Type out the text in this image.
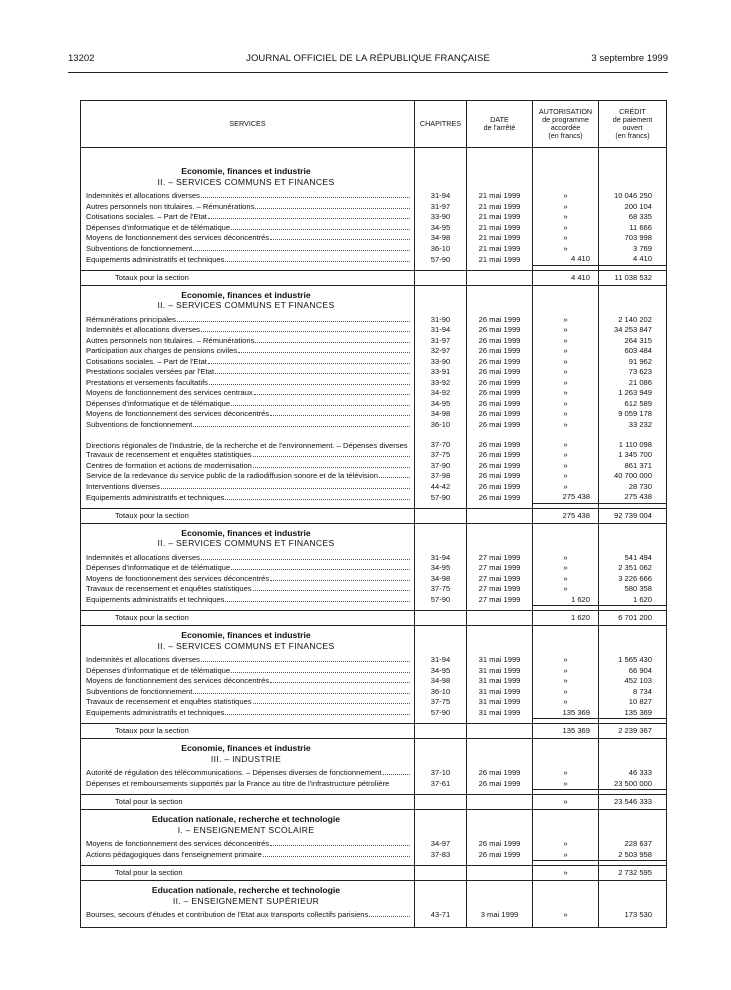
13202	JOURNAL OFFICIEL DE LA RÉPUBLIQUE FRANÇAISE	3 septembre 1999
SERVICES	CHAPITRES	DATE
de l'arrêté	AUTORISATION
de programme
accordée
(en francs)	CRÉDIT
de paiement
ouvert
(en francs)

Economie, finances et industrie				
II. – SERVICES COMMUNS ET FINANCES				

Indemnités et allocations diverses	31-94	21 mai 1999	»	10 046 250

Autres personnels non titulaires. – Rémunérations	31-97	21 mai 1999	»	200 104

Cotisations sociales. – Part de l'Etat	33-90	21 mai 1999	»	68 335

Dépenses d'informatique et de télématique	34-95	21 mai 1999	»	11 666

Moyens de fonctionnement des services déconcentrés	34-98	21 mai 1999	»	703 998

Subventions de fonctionnement	36-10	21 mai 1999	»	3 769

Equipements administratifs et techniques	57-90	21 mai 1999	4 410	4 410

Totaux pour la section			4 410	11 038 532

Economie, finances et industrie				
II. – SERVICES COMMUNS ET FINANCES				

Rémunérations principales	31-90	26 mai 1999	»	2 140 202

Indemnités et allocations diverses	31-94	26 mai 1999	»	34 253 847

Autres personnels non titulaires. – Rémunérations	31-97	26 mai 1999	»	264 315

Participation aux charges de pensions civiles	32-97	26 mai 1999	»	603 484

Cotisations sociales. – Part de l'Etat	33-90	26 mai 1999	»	91 962

Prestations sociales versées par l'Etat	33-91	26 mai 1999	»	73 623

Prestations et versements facultatifs	33-92	26 mai 1999	»	21 086

Moyens de fonctionnement des services centraux	34-92	26 mai 1999	»	1 263 949

Dépenses d'informatique et de télématique	34-95	26 mai 1999	»	612 589

Moyens de fonctionnement des services déconcentrés	34-98	26 mai 1999	»	9 059 178

Subventions de fonctionnement	36-10	26 mai 1999	»	33 232
Directions régionales de l'industrie, de la recherche et de l'environnement. – Dépenses diverses	37-70	26 mai 1999	»	1 110 098

Travaux de recensement et enquêtes statistiques	37-75	26 mai 1999	»	1 345 700

Centres de formation et actions de modernisation	37-90	26 mai 1999	»	861 371

Service de la redevance du service public de la radiodiffusion sonore et de la télévision	37-98	26 mai 1999	»	40 700 000

Interventions diverses	44-42	26 mai 1999	»	28 730

Equipements administratifs et techniques	57-90	26 mai 1999	275 438	275 438

Totaux pour la section			275 438	92 739 004

Economie, finances et industrie				
II. – SERVICES COMMUNS ET FINANCES				

Indemnités et allocations diverses	31-94	27 mai 1999	»	541 494

Dépenses d'informatique et de télématique	34-95	27 mai 1999	»	2 351 062

Moyens de fonctionnement des services déconcentrés	34-98	27 mai 1999	»	3 226 666

Travaux de recensement et enquêtes statistiques	37-75	27 mai 1999	»	580 358

Equipements administratifs et techniques	57-90	27 mai 1999	1 620	1 620

Totaux pour la section			1 620	6 701 200

Economie, finances et industrie				
II. – SERVICES COMMUNS ET FINANCES				

Indemnités et allocations diverses	31-94	31 mai 1999	»	1 565 430

Dépenses d'informatique et de télématique	34-95	31 mai 1999	»	66 904

Moyens de fonctionnement des services déconcentrés	34-98	31 mai 1999	»	452 103

Subventions de fonctionnement	36-10	31 mai 1999	»	8 734

Travaux de recensement et enquêtes statistiques	37-75	31 mai 1999	»	10 827

Equipements administratifs et techniques	57-90	31 mai 1999	135 369	135 369

Totaux pour la section			135 369	2 239 367

Economie, finances et industrie				
III. – INDUSTRIE				

Autorité de régulation des télécommunications. – Dépenses diverses de fonctionnement	37-10	26 mai 1999	»	46 333

Dépenses et remboursements supportés par la France au titre de l'infrastructure pétrolière	37-61	26 mai 1999	»	23 500 000

Total pour la section			»	23 546 333

Education nationale, recherche et technologie				
I. – ENSEIGNEMENT SCOLAIRE				

Moyens de fonctionnement des services déconcentrés	34-97	26 mai 1999	»	228 637

Actions pédagogiques dans l'enseignement primaire	37-83	26 mai 1999	»	2 503 958

Total pour la section			»	2 732 595

Education nationale, recherche et technologie				
II. – ENSEIGNEMENT SUPÉRIEUR				

Bourses, secours d'études et contribution de l'Etat aux transports collectifs parisiens	43-71	3 mai 1999	»	173 530
